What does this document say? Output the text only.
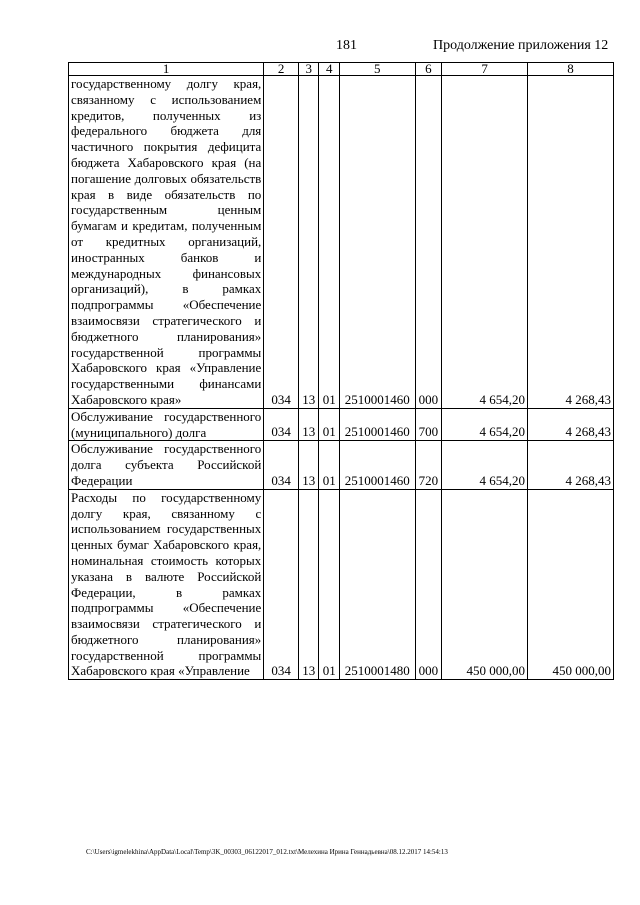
181	Продолжение приложения 12
1	2	3	4	5	6	7	8
государственному долгу края, связанному с использованием кредитов, полученных из федерального бюджета для частичного покрытия дефицита бюджета Хабаровского края (на погашение долговых обязательств края в виде обязательств по государственным ценным бумагам и кредитам, полученным от кредитных организаций, иностранных банков и международных финансовых организаций), в рамках подпрограммы «Обеспечение взаимосвязи стратегического и бюджетного планирования» государственной программы Хабаровского края «Управление государственными финансами Хабаровского края»	034	13	01	2510001460	000	4 654,20	4 268,43
Обслуживание государственного (муниципального) долга	034	13	01	2510001460	700	4 654,20	4 268,43
Обслуживание государственного долга субъекта Российской Федерации	034	13	01	2510001460	720	4 654,20	4 268,43
Расходы по государственному долгу края, связанному с использованием государственных ценных бумаг Хабаровского края, номинальная стоимость которых указана в валюте Российской Федерации, в рамках подпрограммы «Обеспечение взаимосвязи стратегического и бюджетного планирования» государственной программы Хабаровского края «Управление	034	13	01	2510001480	000	450 000,00	450 000,00
C:\Users\igmelekhina\AppData\Local\Temp\3K_00303_06122017_012.txt\Мелехина Ирина Геннадьевна\08.12.2017 14:54:13
